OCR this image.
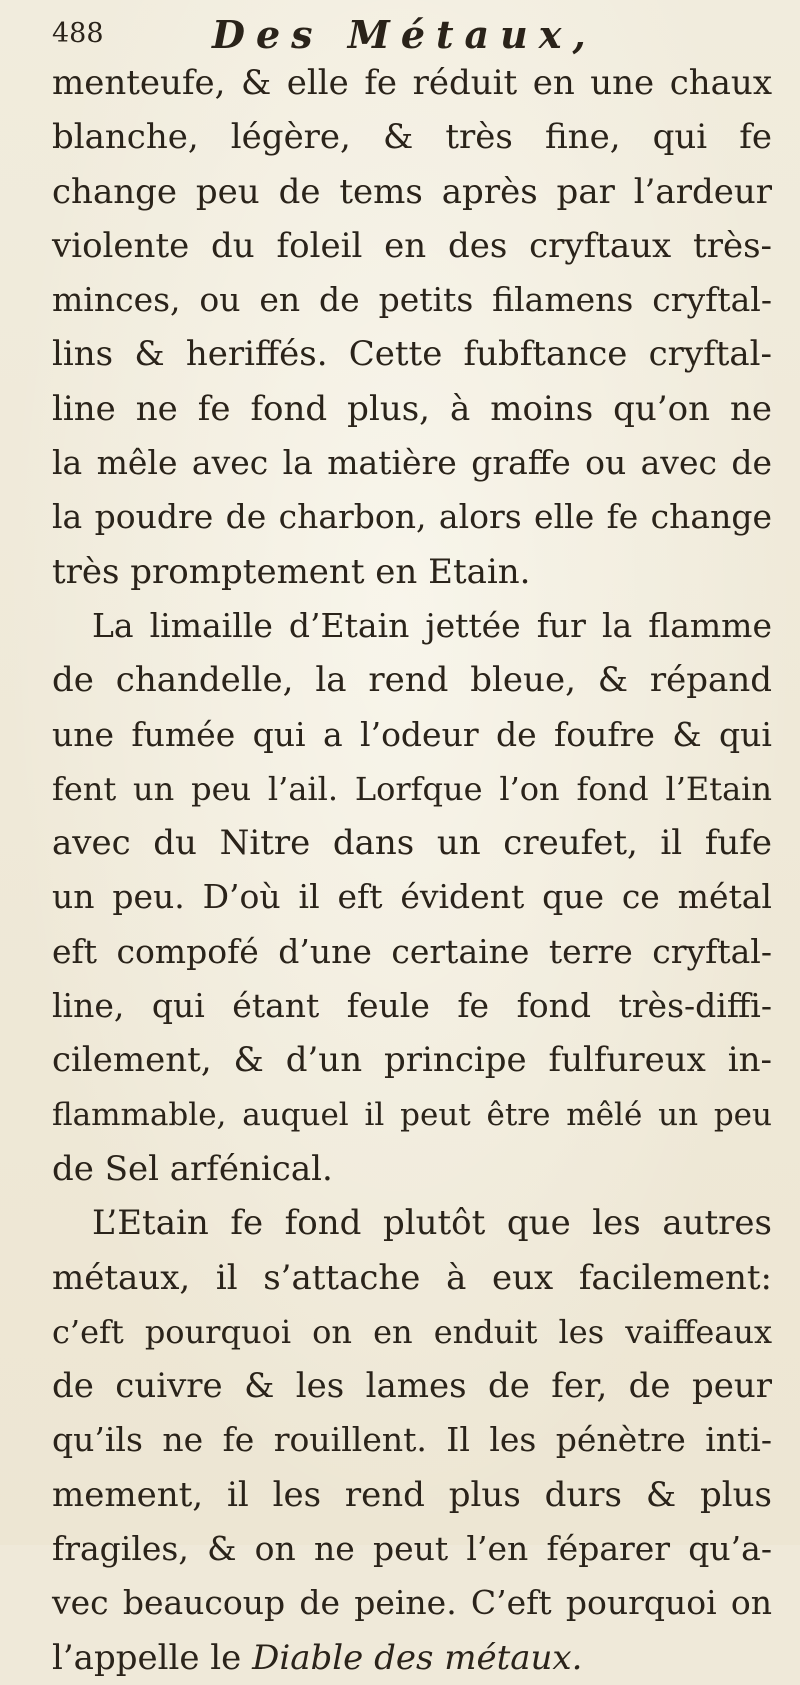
488	Des Métaux,
menteufe, & elle fe réduit en une chaux
blanche, légère, & très fine, qui fe
change peu de tems après par l’ardeur
violente du foleil en des cryftaux très-
minces, ou en de petits filamens cryftal-
lins & heriffés. Cette fubftance cryftal-
line ne fe fond plus, à moins qu’on ne
la mêle avec la matière graffe ou avec de
la poudre de charbon, alors elle fe change
très promptement en Etain.
La limaille d’Etain jettée fur la flamme
de chandelle, la rend bleue, & répand
une fumée qui a l’odeur de foufre & qui
fent un peu l’ail. Lorfque l’on fond l’Etain
avec du Nitre dans un creufet, il fufe
un peu. D’où il eft évident que ce métal
eft compofé d’une certaine terre cryftal-
line, qui étant feule fe fond très-diffi-
cilement, & d’un principe fulfureux in-
flammable, auquel il peut être mêlé un peu
de Sel arfénical.
L’Etain fe fond plutôt que les autres
métaux, il s’attache à eux facilement:
c’eft pourquoi on en enduit les vaiffeaux
de cuivre & les lames de fer, de peur
qu’ils ne fe rouillent. Il les pénètre inti-
mement, il les rend plus durs & plus
fragiles, & on ne peut l’en féparer qu’a-
vec beaucoup de peine. C’eft pourquoi on
l’appelle le Diable des métaux.
